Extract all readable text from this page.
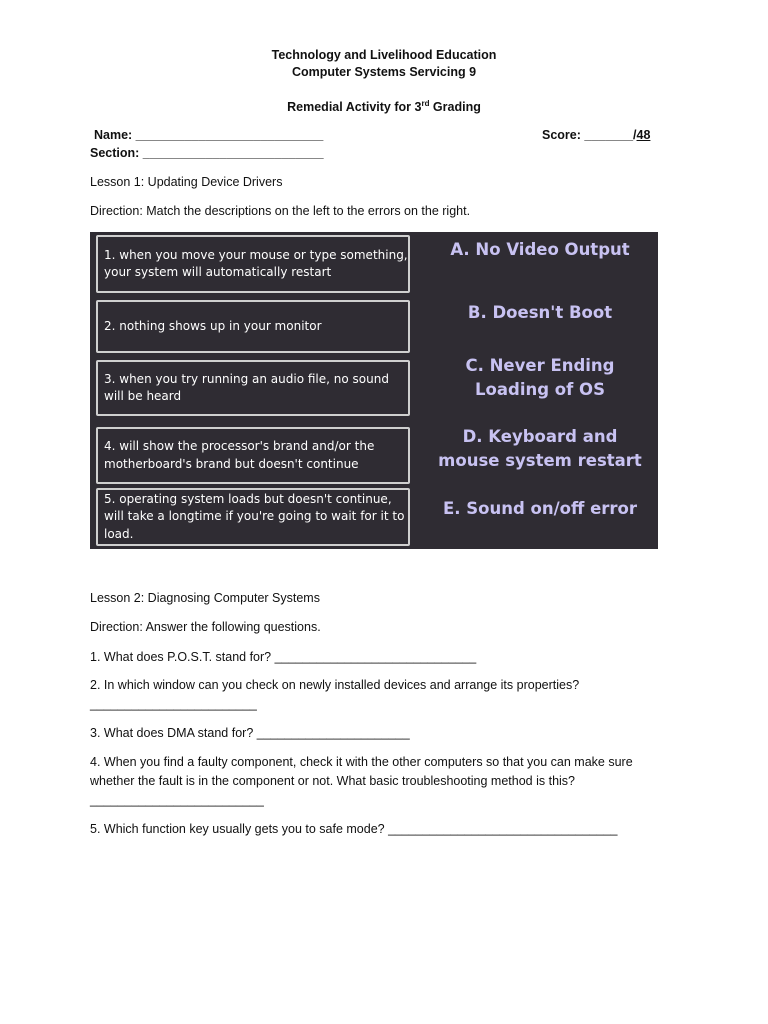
Technology and Livelihood Education
Computer Systems Servicing 9
Remedial Activity for 3rd Grading
Name: ___________________________	Score: _______/48
Section: __________________________
Lesson 1: Updating Device Drivers
Direction: Match the descriptions on the left to the errors on the right.
1. when you move your mouse or type something, your system will automatically restart
2. nothing shows up in your monitor
3. when you try running an audio file, no sound will be heard
4. will show the processor's brand and/or the motherboard's brand but doesn't continue
5. operating system loads but doesn't continue, will take a longtime if you're going to wait for it to load.
A. No Video Output
B. Doesn't Boot
C. Never Ending Loading of OS
D. Keyboard and mouse system restart
E. Sound on/off error
Lesson 2: Diagnosing Computer Systems
Direction: Answer the following questions.
1. What does P.O.S.T. stand for? _____________________________
2. In which window can you check on newly installed devices and arrange its properties?
________________________
3. What does DMA stand for? ______________________
4. When you find a faulty component, check it with the other computers so that you can make sure
whether the fault is in the component or not. What basic troubleshooting method is this?
_________________________
5. Which function key usually gets you to safe mode? _________________________________
